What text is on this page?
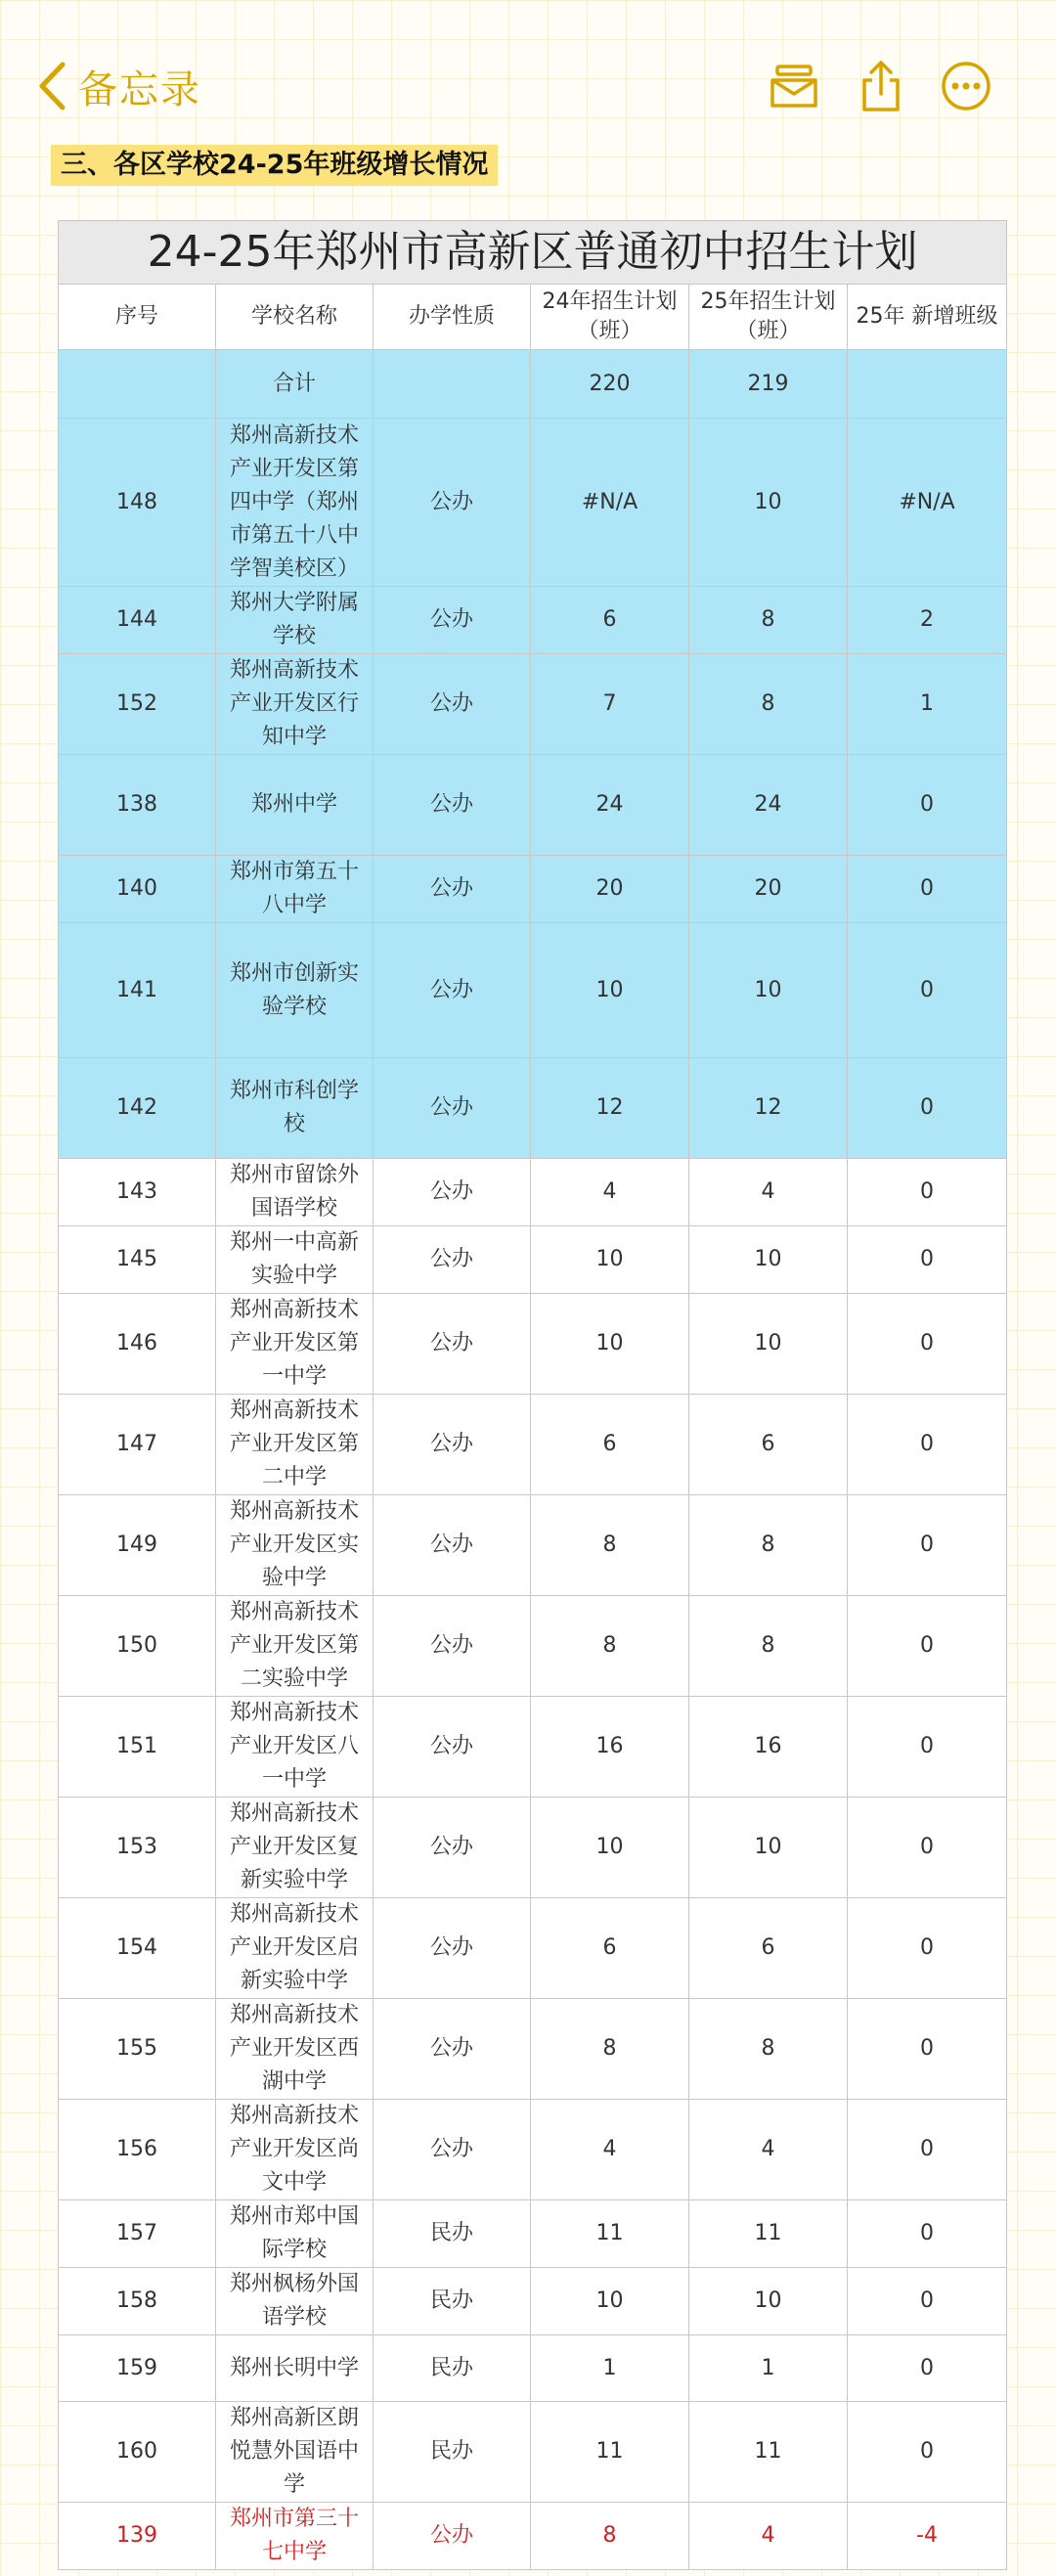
备忘录
三、各区学校24-25年班级增长情况
24-25年郑州市高新区普通初中招生计划					
序号	学校名称	办学性质	24年招生计划（班）	25年招生计划（班）	25年 新增班级
	合计		220	219	
148	郑州高新技术产业开发区第四中学（郑州市第五十八中学智美校区）	公办	#N/A	10	#N/A
144	郑州大学附属学校	公办	6	8	2
152	郑州高新技术产业开发区行知中学	公办	7	8	1
138	郑州中学	公办	24	24	0
140	郑州市第五十八中学	公办	20	20	0
141	郑州市创新实验学校	公办	10	10	0
142	郑州市科创学校	公办	12	12	0
143	郑州市留馀外国语学校	公办	4	4	0
145	郑州一中高新实验中学	公办	10	10	0
146	郑州高新技术产业开发区第一中学	公办	10	10	0
147	郑州高新技术产业开发区第二中学	公办	6	6	0
149	郑州高新技术产业开发区实验中学	公办	8	8	0
150	郑州高新技术产业开发区第二实验中学	公办	8	8	0
151	郑州高新技术产业开发区八一中学	公办	16	16	0
153	郑州高新技术产业开发区复新实验中学	公办	10	10	0
154	郑州高新技术产业开发区启新实验中学	公办	6	6	0
155	郑州高新技术产业开发区西湖中学	公办	8	8	0
156	郑州高新技术产业开发区尚文中学	公办	4	4	0
157	郑州市郑中国际学校	民办	11	11	0
158	郑州枫杨外国语学校	民办	10	10	0
159	郑州长明中学	民办	1	1	0
160	郑州高新区朗悦慧外国语中学	民办	11	11	0
139	郑州市第三十七中学	公办	8	4	-4
